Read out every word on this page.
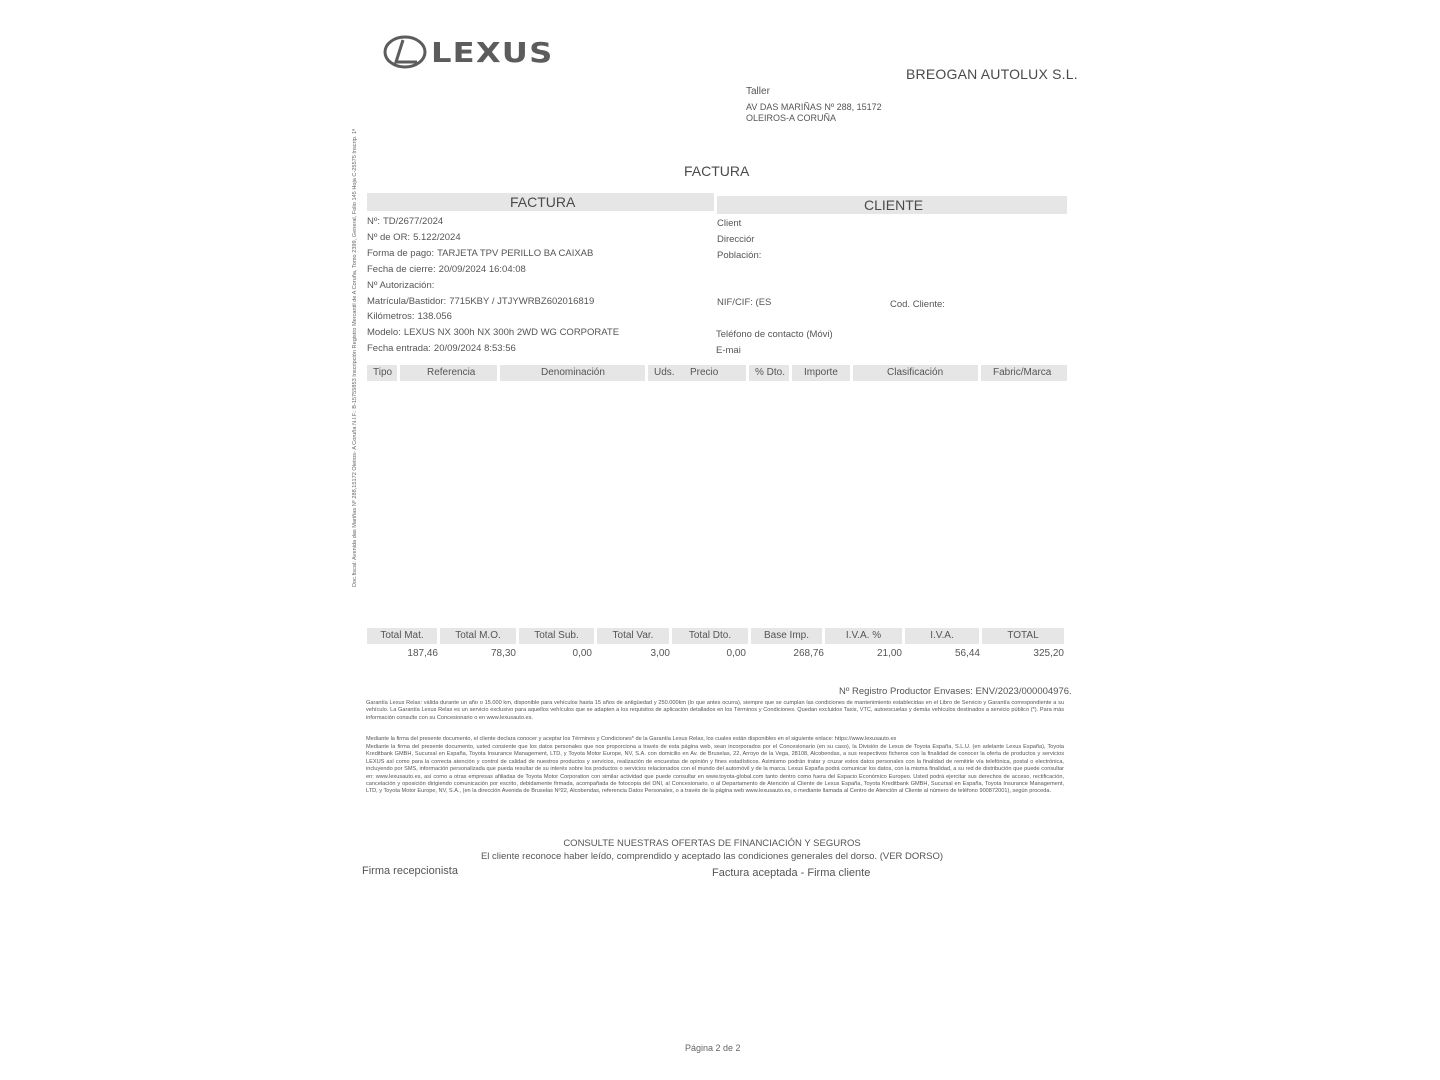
LEXUS
BREOGAN AUTOLUX S.L.
Taller
AV DAS MARIÑAS Nº 288, 15172
OLEIROS-A CORUÑA
FACTURA
FACTURA	CLIENTE
Nº: TD/2677/2024
Nº de OR: 5.122/2024
Forma de pago: TARJETA TPV PERILLO BA CAIXAB
Fecha de cierre: 20/09/2024 16:04:08
Nº Autorización:
Matrícula/Bastidor: 7715KBY / JTJYWRBZ602016819
Kilómetros: 138.056
Modelo: LEXUS NX 300h NX 300h 2WD WG CORPORATE
Fecha entrada: 20/09/2024 8:53:56
Client
Direcciór
Población:
NIF/CIF: (ES	Cod. Cliente:
Teléfono de contacto (Móvi)
E-mai
Tipo	Referencia	Denominación	Uds.	Precio	% Dto.	Importe	Clasificación	Fabric/Marca
Total Mat.	Total M.O.	Total Sub.	Total Var.	Total Dto.	Base Imp.	I.V.A. %	I.V.A.	TOTAL
187,46	78,30	0,00	3,00	0,00	268,76	21,00	56,44	325,20
Nº Registro Productor Envases: ENV/2023/000004976.
Garantía Lexus Relax: válida durante un año o 15.000 km, disponible para vehículos hasta 15 años de antigüedad y 250.000km (lo que antes ocurra), siempre que se cumplan las condiciones de mantenimiento establecidas en el Libro de Servicio y Garantía correspondiente a su vehículo. La Garantía Lexus Relax es un servicio exclusivo para aquellos vehículos que se adapten a los requisitos de aplicación detallados en los Términos y Condiciones. Quedan excluidos Taxis, VTC, autoescuelas y demás vehículos destinados a servicio público (*). Para más información consulte con su Concesionario o en www.lexusauto.es.
Mediante la firma del presente documento, el cliente declara conocer y aceptar los Términos y Condiciones* de la Garantía Lexus Relax, los cuales están disponibles en el siguiente enlace: https://www.lexusauto.es
Mediante la firma del presente documento, usted consiente que los datos personales que nos proporciona a través de esta página web, sean incorporados por el Concesionario (en su caso), la División de Lexus de Toyota España, S.L.U. (en adelante Lexus España), Toyota Kreditbank GMBH, Sucursal en España, Toyota Insurance Management, LTD, y Toyota Motor Europe, NV, S.A. con domicilio en Av. de Bruselas, 22, Arroyo de la Vega, 28108, Alcobendas, a sus respectivos ficheros con la finalidad de conocer la oferta de productos y servicios LEXUS así como para la correcta atención y control de calidad de nuestros productos y servicios, realización de encuestas de opinión y fines estadísticos. Asimismo podrán tratar y cruzar estos datos personales con la finalidad de remitirle vía telefónica, postal o electrónica, incluyendo por SMS, información personalizada que pueda resultar de su interés sobre los productos o servicios relacionados con el mundo del automóvil y de la marca. Lexus España podrá comunicar los datos, con la misma finalidad, a su red de distribución que puede consultar en: www.lexusauto.es, así como a otras empresas afiliadas de Toyota Motor Corporation con similar actividad que puede consultar en www.toyota-global.com tanto dentro como fuera del Espacio Económico Europeo. Usted podrá ejercitar sus derechos de acceso, rectificación, cancelación y oposición dirigiendo comunicación por escrito, debidamente firmada, acompañada de fotocopia del DNI, al Concesionario, o al Departamento de Atención al Cliente de Lexus España, Toyota Kreditbank GMBH, Sucursal en España, Toyota Insurance Management, LTD, y Toyota Motor Europe, NV, S.A., (en la dirección Avenida de Bruselas Nº22, Alcobendas, referencia Datos Personales, o a través de la página web www.lexusauto.es, o mediante llamada al Centro de Atención al Cliente al número de teléfono 900872001), según proceda.
Doc.fiscal: Avenida das Mariñas Nº 288,15172 Oleiros- A Coruña N.I.F.: B-15755853 Inscripción Registro Mercantil de A Coruña, Tomo 2399, General, Folio 145 Hoja C-25575 Inscrip. 1ª
CONSULTE NUESTRAS OFERTAS DE FINANCIACIÓN Y SEGUROS
El cliente reconoce haber leído, comprendido y aceptado las condiciones generales del dorso. (VER DORSO)
Firma recepcionista	Factura aceptada - Firma cliente
Página 2 de 2
